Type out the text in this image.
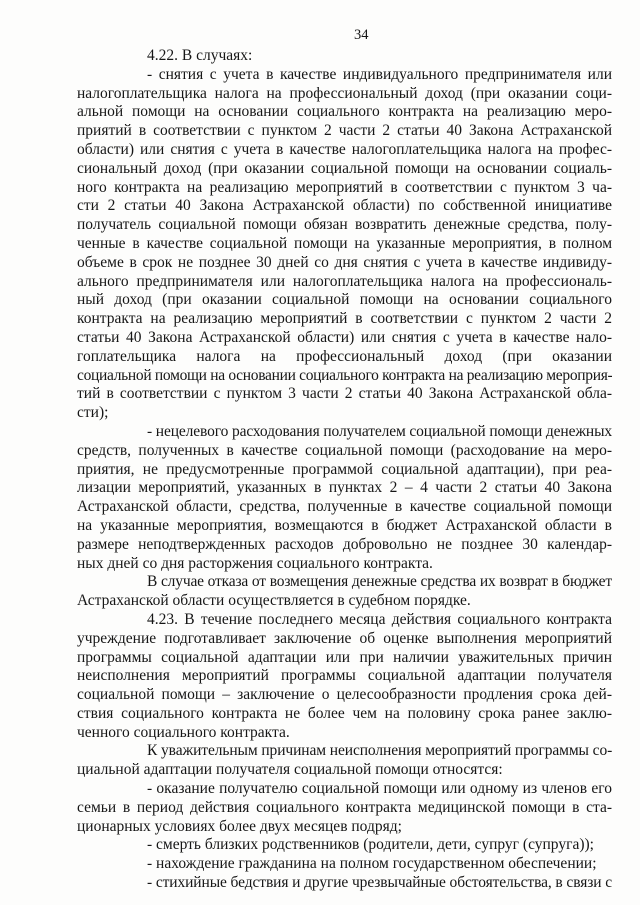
34
4.22. В случаях:
- снятия с учета в качестве индивидуального предпринимателя или
налогоплательщика налога на профессиональный доход (при оказании соци-
альной помощи на основании социального контракта на реализацию меро-
приятий в соответствии с пунктом 2 части 2 статьи 40 Закона Астраханской
области) или снятия с учета в качестве налогоплательщика налога на профес-
сиональный доход (при оказании социальной помощи на основании социаль-
ного контракта на реализацию мероприятий в соответствии с пунктом 3 ча-
сти 2 статьи 40 Закона Астраханской области) по собственной инициативе
получатель социальной помощи обязан возвратить денежные средства, полу-
ченные в качестве социальной помощи на указанные мероприятия, в полном
объеме в срок не позднее 30 дней со дня снятия с учета в качестве индивиду-
ального предпринимателя или налогоплательщика налога на профессиональ-
ный доход (при оказании социальной помощи на основании социального
контракта на реализацию мероприятий в соответствии с пунктом 2 части 2
статьи 40 Закона Астраханской области) или снятия с учета в качестве нало-
гоплательщика налога на профессиональный доход (при оказании
социальной помощи на основании социального контракта на реализацию мероприя-
тий в соответствии с пунктом 3 части 2 статьи 40 Закона Астраханской обла-
сти);
- нецелевого расходования получателем социальной помощи денежных
средств, полученных в качестве социальной помощи (расходование на меро-
приятия, не предусмотренные программой социальной адаптации), при реа-
лизации мероприятий, указанных в пунктах 2 – 4 части 2 статьи 40 Закона
Астраханской области, средства, полученные в качестве социальной помощи
на указанные мероприятия, возмещаются в бюджет Астраханской области в
размере неподтвержденных расходов добровольно не позднее 30 календар-
ных дней со дня расторжения социального контракта.
В случае отказа от возмещения денежные средства их возврат в бюджет
Астраханской области осуществляется в судебном порядке.
4.23. В течение последнего месяца действия социального контракта
учреждение подготавливает заключение об оценке выполнения мероприятий
программы социальной адаптации или при наличии уважительных причин
неисполнения мероприятий программы социальной адаптации получателя
социальной помощи – заключение о целесообразности продления срока дей-
ствия социального контракта не более чем на половину срока ранее заклю-
ченного социального контракта.
К уважительным причинам неисполнения мероприятий программы со-
циальной адаптации получателя социальной помощи относятся:
- оказание получателю социальной помощи или одному из членов его
семьи в период действия социального контракта медицинской помощи в ста-
ционарных условиях более двух месяцев подряд;
- смерть близких родственников (родители, дети, супруг (супруга));
- нахождение гражданина на полном государственном обеспечении;
- стихийные бедствия и другие чрезвычайные обстоятельства, в связи с
